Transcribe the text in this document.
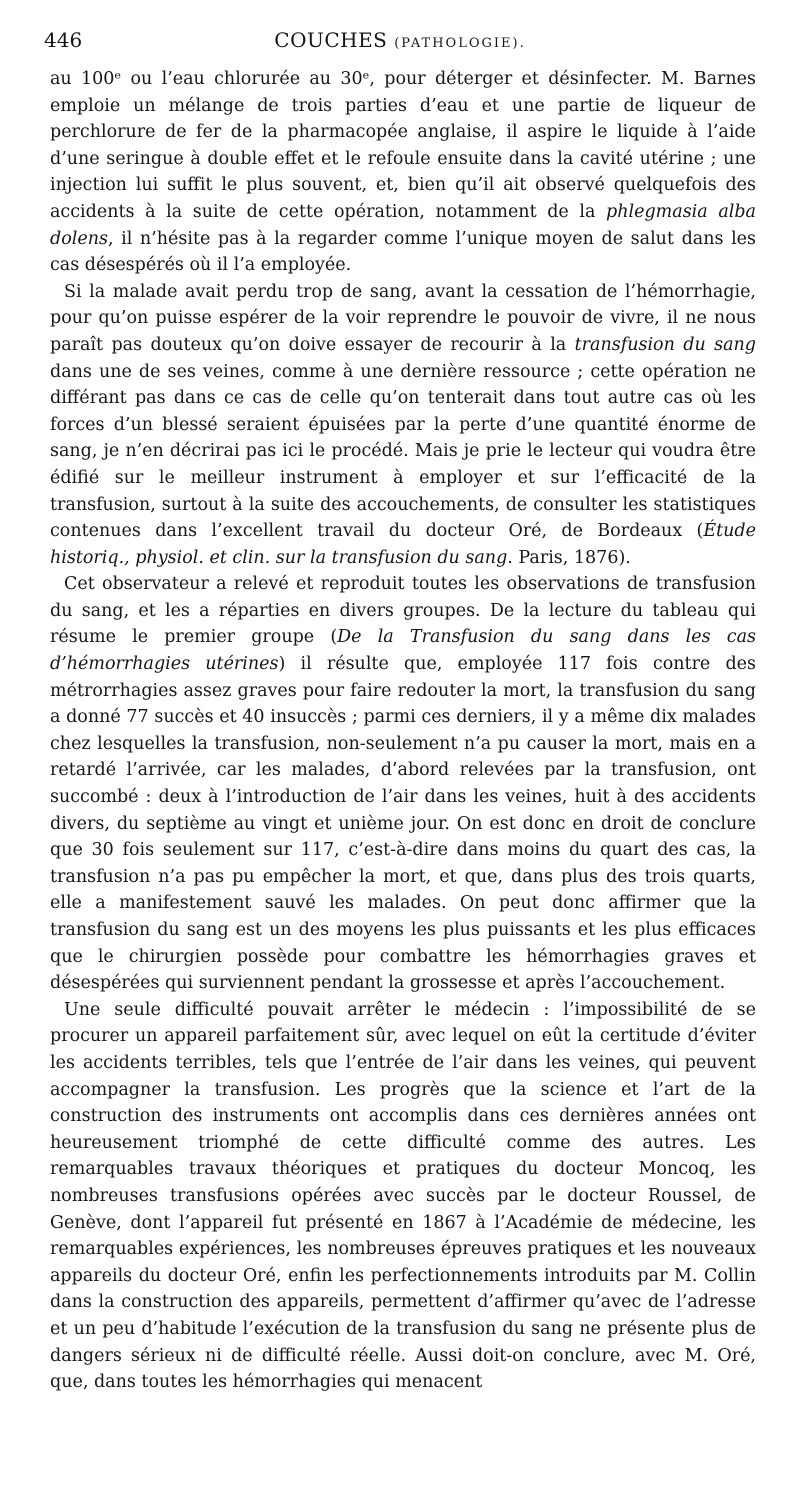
446	COUCHES (PATHOLOGIE).

au 100ᵉ ou l’eau chlorurée au 30ᵉ, pour déterger et désinfecter. M. Barnes emploie un mélange de trois parties d’eau et une partie de liqueur de perchlorure de fer de la pharmacopée anglaise, il aspire le liquide à l’aide d’une seringue à double effet et le refoule ensuite dans la cavité utérine ; une injection lui suffit le plus souvent, et, bien qu’il ait observé quelquefois des accidents à la suite de cette opération, notamment de la phlegmasia alba dolens, il n’hésite pas à la regarder comme l’unique moyen de salut dans les cas désespérés où il l’a employée.

Si la malade avait perdu trop de sang, avant la cessation de l’hémorrhagie, pour qu’on puisse espérer de la voir reprendre le pouvoir de vivre, il ne nous paraît pas douteux qu’on doive essayer de recourir à la transfusion du sang dans une de ses veines, comme à une dernière ressource ; cette opération ne différant pas dans ce cas de celle qu’on tenterait dans tout autre cas où les forces d’un blessé seraient épuisées par la perte d’une quantité énorme de sang, je n’en décrirai pas ici le procédé. Mais je prie le lecteur qui voudra être édifié sur le meilleur instrument à employer et sur l’efficacité de la transfusion, surtout à la suite des accouchements, de consulter les statistiques contenues dans l’excellent travail du docteur Oré, de Bordeaux (Étude historiq., physiol. et clin. sur la transfusion du sang. Paris, 1876).

Cet observateur a relevé et reproduit toutes les observations de transfusion du sang, et les a réparties en divers groupes. De la lecture du tableau qui résume le premier groupe (De la Transfusion du sang dans les cas d’hémorrhagies utérines) il résulte que, employée 117 fois contre des métrorrhagies assez graves pour faire redouter la mort, la transfusion du sang a donné 77 succès et 40 insuccès ; parmi ces derniers, il y a même dix malades chez lesquelles la transfusion, non-seulement n’a pu causer la mort, mais en a retardé l’arrivée, car les malades, d’abord relevées par la transfusion, ont succombé : deux à l’introduction de l’air dans les veines, huit à des accidents divers, du septième au vingt et unième jour. On est donc en droit de conclure que 30 fois seulement sur 117, c’est-à-dire dans moins du quart des cas, la transfusion n’a pas pu empêcher la mort, et que, dans plus des trois quarts, elle a manifestement sauvé les malades. On peut donc affirmer que la transfusion du sang est un des moyens les plus puissants et les plus efficaces que le chirurgien possède pour combattre les hémorrhagies graves et désespérées qui surviennent pendant la grossesse et après l’accouchement.

Une seule difficulté pouvait arrêter le médecin : l’impossibilité de se procurer un appareil parfaitement sûr, avec lequel on eût la certitude d’éviter les accidents terribles, tels que l’entrée de l’air dans les veines, qui peuvent accompagner la transfusion. Les progrès que la science et l’art de la construction des instruments ont accomplis dans ces dernières années ont heureusement triomphé de cette difficulté comme des autres. Les remarquables travaux théoriques et pratiques du docteur Moncoq, les nombreuses transfusions opérées avec succès par le docteur Roussel, de Genève, dont l’appareil fut présenté en 1867 à l’Académie de médecine, les remarquables expériences, les nombreuses épreuves pratiques et les nouveaux appareils du docteur Oré, enfin les perfectionnements introduits par M. Collin dans la construction des appareils, permettent d’affirmer qu’avec de l’adresse et un peu d’habitude l’exécution de la transfusion du sang ne présente plus de dangers sérieux ni de difficulté réelle. Aussi doit-on conclure, avec M. Oré, que, dans toutes les hémorrhagies qui menacent
